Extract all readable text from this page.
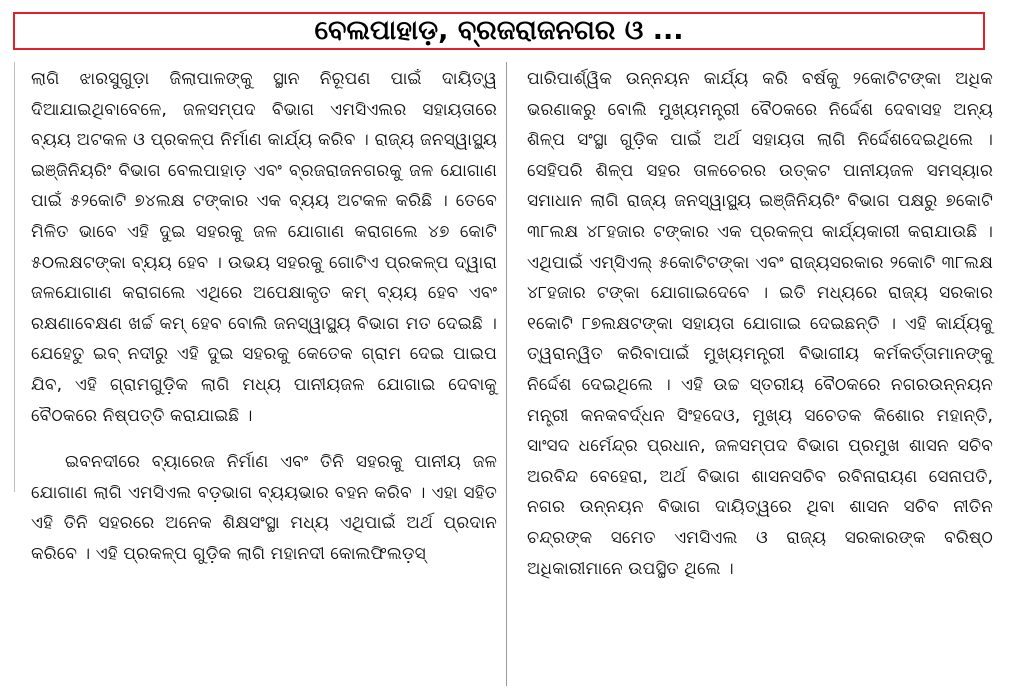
ବେଲପାହାଡ଼, ବ୍ରଜରାଜନଗର ଓ ...

ଲାଗି ଝାରସୁଗୁଡ଼ା ଜିଲାପାଳଙ୍କୁ ସ୍ଥାନ ନିରୂପଣ ପାଇଁ ଦାୟିତ୍ୱ ଦିଆଯାଇଥିବାବେଳେ, ଜଳସମ୍ପଦ ବିଭାଗ ଏମସିଏଲର ସହାୟତାରେ ବ୍ୟୟ ଅଟକଳ ଓ ପ୍ରକଳ୍ପ ନିର୍ମାଣ କାର୍ଯ୍ୟ କରିବ । ରାଜ୍ୟ ଜନସ୍ୱାସ୍ଥ୍ୟ ଇଞ୍ଜିନିୟରିଂ ବିଭାଗ ବେଲପାହାଡ଼ ଏବଂ ବ୍ରଜରାଜନଗରକୁ ଜଳ ଯୋଗାଣ ପାଇଁ ୫୨କୋଟି ୭୪ଲକ୍ଷ ଟଙ୍କାର ଏକ ବ୍ୟୟ ଅଟକଳ କରିଛି । ତେବେ ମିଳିତ ଭାବେ ଏହି ଦୁଇ ସହରକୁ ଜଳ ଯୋଗାଣ କରାଗଲେ ୪୭ କୋଟି ୫୦ଲକ୍ଷଟଙ୍କା ବ୍ୟୟ ହେବ । ଉଭୟ ସହରକୁ ଗୋଟିଏ ପ୍ରକଳ୍ପ ଦ୍ୱାରା ଜଳଯୋଗାଣ କରାଗଲେ ଏଥିରେ ଅପେକ୍ଷାକୃତ କମ୍ ବ୍ୟୟ ହେବ ଏବଂ ରକ୍ଷଣାବେକ୍ଷଣ ଖର୍ଚ୍ଚ କମ୍ ହେବ ବୋଲି ଜନସ୍ୱାସ୍ଥ୍ୟ ବିଭାଗ ମତ ଦେଇଛି । ଯେହେତୁ ଇବ୍ ନଦୀରୁ ଏହି ଦୁଇ ସହରକୁ କେତେକ ଗ୍ରାମ ଦେଇ ପାଇପ ଯିବ, ଏହି ଗ୍ରାମଗୁଡ଼ିକ ଲାଗି ମଧ୍ୟ ପାନୀୟଜଳ ଯୋଗାଇ ଦେବାକୁ ବୈଠକରେ ନିଷ୍ପତ୍ତି କରାଯାଇଛି ।

ଇବନଦୀରେ ବ୍ୟାରେଜ ନିର୍ମାଣ ଏବଂ ତିନି ସହରକୁ ପାନୀୟ ଜଳ ଯୋଗାଣ ଲାଗି ଏମସିଏଲ ବଡ଼ଭାଗ ବ୍ୟୟଭାର ବହନ କରିବ । ଏହା ସହିତ ଏହି ତିନି ସହରରେ ଅନେକ ଶିକ୍ଷସଂସ୍ଥା ମଧ୍ୟ ଏଥିପାଇଁ ଅର୍ଥ ପ୍ରଦାନ କରିବେ । ଏହି ପ୍ରକଳ୍ପ ଗୁଡ଼ିକ ଲାଗି ମହାନଦୀ କୋଲଫିଲଡ଼ସ୍

ପାରିପାର୍ଶ୍ୱିକ ଉନ୍ନୟନ କାର୍ଯ୍ୟ କରି ବର୍ଷକୁ ୨କୋଟିଟଙ୍କା ଅଧିକ ଭରଣାକରୁ ବୋଲି ମୁଖ୍ୟମନ୍ତ୍ରୀ ବୈଠକରେ ନିର୍ଦ୍ଦେଶ ଦେବାସହ ଅନ୍ୟ ଶିଳ୍ପ ସଂସ୍ଥା ଗୁଡ଼ିକ ପାଇଁ ଅର୍ଥ ସହାୟତା ଲାଗି ନିର୍ଦ୍ଦେଶଦେଇଥିଲେ ।ସେହିପରି ଶିଳ୍ପ ସହର ତାଳଚେରର ଉତ୍କଟ ପାନୀୟଜଳ ସମସ୍ୟାର ସମାଧାନ ଲାଗି ରାଜ୍ୟ ଜନସ୍ୱାସ୍ଥ୍ୟ ଇଞ୍ଜିନିୟରିଂ ବିଭାଗ ପକ୍ଷରୁ ୭କୋଟି ୩୮ଲକ୍ଷ ୪୮ହଜାର ଟଙ୍କାର ଏକ ପ୍ରକଳ୍ପ କାର୍ଯ୍ୟକାରୀ କରାଯାଉଛି । ଏଥିପାଇଁ ଏମ୍ସିଏଲ୍ ୫କୋଟିଟଙ୍କା ଏବଂ ରାଜ୍ୟସରକାର ୨କୋଟି ୩୮ଲକ୍ଷ ୪୮ହଜାର ଟଙ୍କା ଯୋଗାଇଦେବେ । ଇତି ମଧ୍ୟରେ ରାଜ୍ୟ ସରକାର ୧କୋଟି ୮୭ଲକ୍ଷଟଙ୍କା ସହାୟତା ଯୋଗାଇ ଦେଇଛନ୍ତି । ଏହି କାର୍ଯ୍ୟକୁ ତ୍ୱରାନ୍ୱିତ କରିବାପାଇଁ ମୁଖ୍ୟମନ୍ତ୍ରୀ ବିଭାଗୀୟ କର୍ମକର୍ତ୍ତାମାନଙ୍କୁ ନିର୍ଦ୍ଦେଶ ଦେଇଥିଲେ । ଏହି ଉଚ୍ଚ ସ୍ତରୀୟ ବୈଠକରେ ନଗରଉନ୍ନୟନ ମନ୍ତ୍ରୀ କନକବର୍ଦ୍ଧନ ସିଂହଦେଓ, ମୁଖ୍ୟ ସଚେତକ କିଶୋର ମହାନ୍ତି, ସାଂସଦ ଧର୍ମେନ୍ଦ୍ର ପ୍ରଧାନ, ଜଳସମ୍ପଦ ବିଭାଗ ପ୍ରମୁଖ ଶାସନ ସଚିବ ଅରବିନ୍ଦ ବେହେରା, ଅର୍ଥ ବିଭାଗ ଶାସନସଚିବ ରବିନାରାୟଣ ସେନାପତି, ନଗର ଉନ୍ନୟନ ବିଭାଗ ଦାୟିତ୍ୱରେ ଥିବା ଶାସନ ସଚିବ ନୀତିନ ଚନ୍ଦ୍ରଙ୍କ ସମେତ ଏମସିଏଲ ଓ ରାଜ୍ୟ ସରକାରଙ୍କ ବରିଷ୍ଠ ଅଧିକାରୀମାନେ ଉପସ୍ଥିତ ଥିଲେ ।
